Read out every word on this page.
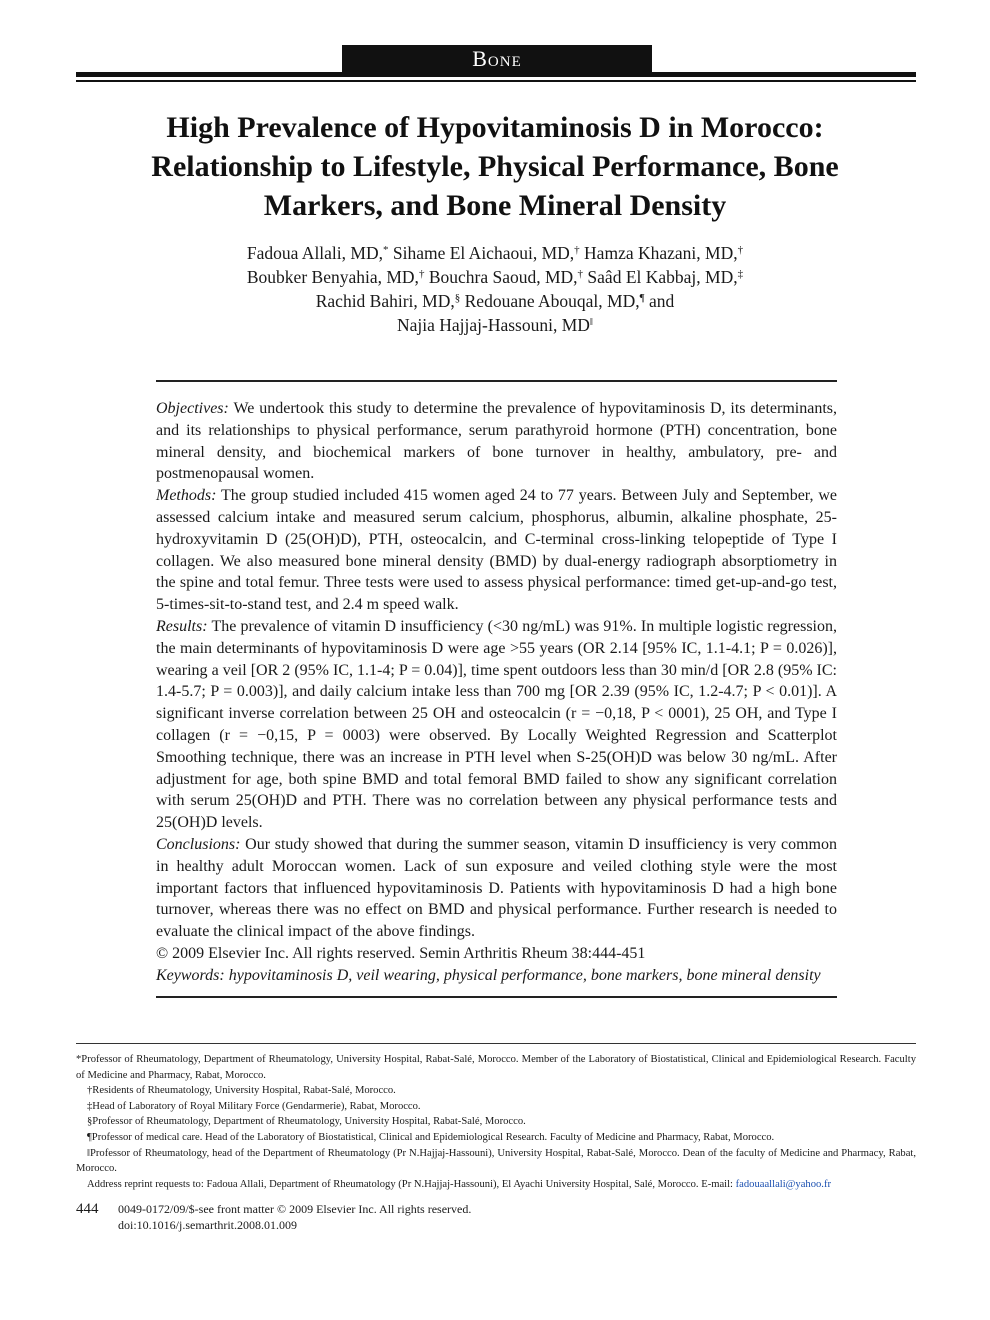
Bone
High Prevalence of Hypovitaminosis D in Morocco: Relationship to Lifestyle, Physical Performance, Bone Markers, and Bone Mineral Density
Fadoua Allali, MD,* Sihame El Aichaoui, MD,† Hamza Khazani, MD,†
Boubker Benyahia, MD,† Bouchra Saoud, MD,† Saâd El Kabbaj, MD,‡
Rachid Bahiri, MD,§ Redouane Abouqal, MD,¶ and
Najia Hajjaj-Hassouni, MD‖

Objectives: We undertook this study to determine the prevalence of hypovitaminosis D, its determinants, and its relationships to physical performance, serum parathyroid hormone (PTH) concentration, bone mineral density, and biochemical markers of bone turnover in healthy, ambulatory, pre- and postmenopausal women.

Methods: The group studied included 415 women aged 24 to 77 years. Between July and September, we assessed calcium intake and measured serum calcium, phosphorus, albumin, alkaline phosphate, 25-hydroxyvitamin D (25(OH)D), PTH, osteocalcin, and C-terminal cross-linking telopeptide of Type I collagen. We also measured bone mineral density (BMD) by dual-energy radiograph absorptiometry in the spine and total femur. Three tests were used to assess physical performance: timed get-up-and-go test, 5-times-sit-to-stand test, and 2.4 m speed walk.

Results: The prevalence of vitamin D insufficiency (<30 ng/mL) was 91%. In multiple logistic regression, the main determinants of hypovitaminosis D were age >55 years (OR 2.14 [95% IC, 1.1-4.1; P = 0.026)], wearing a veil [OR 2 (95% IC, 1.1-4; P = 0.04)], time spent outdoors less than 30 min/d [OR 2.8 (95% IC: 1.4-5.7; P = 0.003)], and daily calcium intake less than 700 mg [OR 2.39 (95% IC, 1.2-4.7; P < 0.01)]. A significant inverse correlation between 25 OH and osteocalcin (r = −0,18, P < 0001), 25 OH, and Type I collagen (r = −0,15, P = 0003) were observed. By Locally Weighted Regression and Scatterplot Smoothing technique, there was an increase in PTH level when S-25(OH)D was below 30 ng/mL. After adjustment for age, both spine BMD and total femoral BMD failed to show any significant correlation with serum 25(OH)D and PTH. There was no correlation between any physical performance tests and 25(OH)D levels.

Conclusions: Our study showed that during the summer season, vitamin D insufficiency is very common in healthy adult Moroccan women. Lack of sun exposure and veiled clothing style were the most important factors that influenced hypovitaminosis D. Patients with hypovitaminosis D had a high bone turnover, whereas there was no effect on BMD and physical performance. Further research is needed to evaluate the clinical impact of the above findings.

© 2009 Elsevier Inc. All rights reserved. Semin Arthritis Rheum 38:444-451

Keywords: hypovitaminosis D, veil wearing, physical performance, bone markers, bone mineral density

*Professor of Rheumatology, Department of Rheumatology, University Hospital, Rabat-Salé, Morocco. Member of the Laboratory of Biostatistical, Clinical and Epidemiological Research. Faculty of Medicine and Pharmacy, Rabat, Morocco.

†Residents of Rheumatology, University Hospital, Rabat-Salé, Morocco.

‡Head of Laboratory of Royal Military Force (Gendarmerie), Rabat, Morocco.

§Professor of Rheumatology, Department of Rheumatology, University Hospital, Rabat-Salé, Morocco.

¶Professor of medical care. Head of the Laboratory of Biostatistical, Clinical and Epidemiological Research. Faculty of Medicine and Pharmacy, Rabat, Morocco.

‖Professor of Rheumatology, head of the Department of Rheumatology (Pr N.Hajjaj-Hassouni), University Hospital, Rabat-Salé, Morocco. Dean of the faculty of Medicine and Pharmacy, Rabat, Morocco.

Address reprint requests to: Fadoua Allali, Department of Rheumatology (Pr N.Hajjaj-Hassouni), El Ayachi University Hospital, Salé, Morocco. E-mail: fadouaallali@yahoo.fr

444 0049-0172/09/$-see front matter © 2009 Elsevier Inc. All rights reserved.
doi:10.1016/j.semarthrit.2008.01.009
